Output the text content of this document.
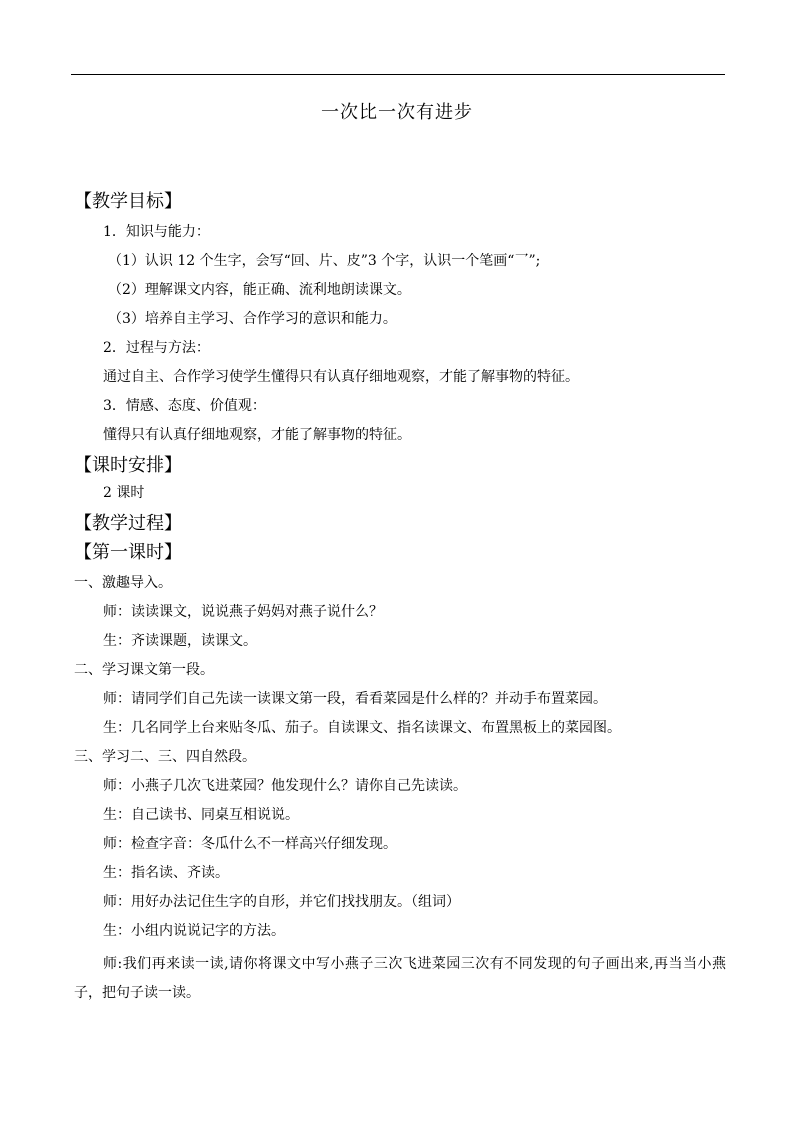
一次比一次有进步
【教学目标】
1．知识与能力：
（1）认识 12 个生字，会写“回、片、皮”3 个字，认识一个笔画“乛”;
（2）理解课文内容，能正确、流利地朗读课文。
（3）培养自主学习、合作学习的意识和能力。
2．过程与方法：
通过自主、合作学习使学生懂得只有认真仔细地观察，才能了解事物的特征。
3．情感、态度、价值观：
懂得只有认真仔细地观察，才能了解事物的特征。
【课时安排】
2 课时
【教学过程】
【第一课时】
一、激趣导入。
师：读读课文，说说燕子妈妈对燕子说什么？
生：齐读课题，读课文。
二、学习课文第一段。
师：请同学们自己先读一读课文第一段，看看菜园是什么样的？并动手布置菜园。
生：几名同学上台来贴冬瓜、茄子。自读课文、指名读课文、布置黑板上的菜园图。
三、学习二、三、四自然段。
师：小燕子几次飞进菜园？他发现什么？请你自己先读读。
生：自己读书、同桌互相说说。
师：检查字音：冬瓜什么不一样高兴仔细发现。
生：指名读、齐读。
师：用好办法记住生字的自形，并它们找找朋友。（组词）
生：小组内说说记字的方法。
师:我们再来读一读,请你将课文中写小燕子三次飞进菜园三次有不同发现的句子画出来,再当当小燕子，把句子读一读。
